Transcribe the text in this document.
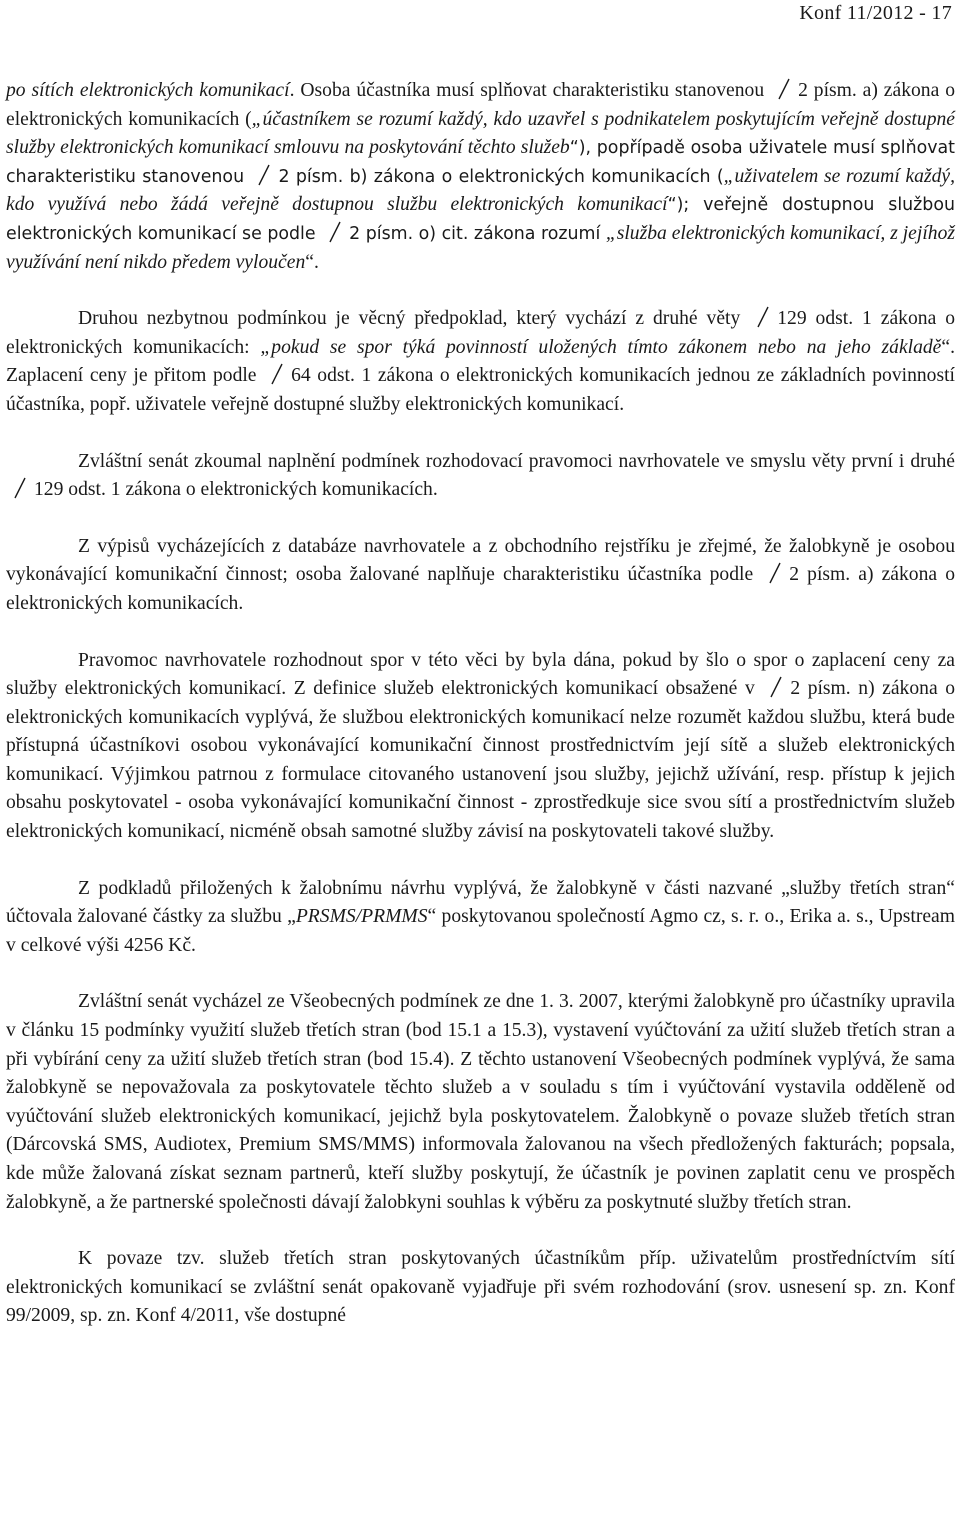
Konf 11/2012 - 17

po sítích elektronických komunikací. Osoba účastníka musí splňovat charakteristiku stanovenou
2 písm. a) zákona o elektronických komunikacích („účastníkem se rozumí každý, kdo uzavřel s podnikatelem poskytujícím veřejně dostupné služby elektronických komunikací smlouvu na poskytování těchto služeb“), popřípadě osoba uživatele musí splňovat charakteristiku stanovenou
2 písm. b) zákona o elektronických komunikacích („uživatelem se rozumí každý, kdo využívá nebo žádá veřejně dostupnou službu elektronických komunikací“); veřejně dostupnou službou elektronických komunikací se podle
2 písm. o) cit. zákona rozumí „služba elektronických komunikací, z jejíhož využívání není nikdo předem vyloučen“.

Druhou nezbytnou podmínkou je věcný předpoklad, který vychází z druhé věty
129 odst. 1 zákona o elektronických komunikacích: „pokud se spor týká povinností uložených tímto zákonem nebo na jeho základě“. Zaplacení ceny je přitom podle
64 odst. 1 zákona o elektronických komunikacích jednou ze základních povinností účastníka, popř. uživatele veřejně dostupné služby elektronických komunikací.

Zvláštní senát zkoumal naplnění podmínek rozhodovací pravomoci navrhovatele ve smyslu věty první i druhé
129 odst. 1 zákona o elektronických komunikacích.

Z výpisů vycházejících z databáze navrhovatele a z obchodního rejstříku je zřejmé, že žalobkyně je osobou vykonávající komunikační činnost; osoba žalované naplňuje charakteristiku účastníka podle
2 písm. a) zákona o elektronických komunikacích.

Pravomoc navrhovatele rozhodnout spor v této věci by byla dána, pokud by šlo o spor o zaplacení ceny za služby elektronických komunikací. Z definice služeb elektronických komunikací obsažené v
2 písm. n) zákona o elektronických komunikacích vyplývá, že službou elektronických komunikací nelze rozumět každou službu, která bude přístupná účastníkovi osobou vykonávající komunikační činnost prostřednictvím její sítě a služeb elektronických komunikací. Výjimkou patrnou z formulace citovaného ustanovení jsou služby, jejichž užívání, resp. přístup k jejich obsahu poskytovatel - osoba vykonávající komunikační činnost - zprostředkuje sice svou sítí a prostřednictvím služeb elektronických komunikací, nicméně obsah samotné služby závisí na poskytovateli takové služby.

Z podkladů přiložených k žalobnímu návrhu vyplývá, že žalobkyně v části nazvané „služby třetích stran“ účtovala žalované částky za službu „PRSMS/PRMMS“ poskytovanou společností Agmo cz, s. r. o., Erika a. s., Upstream v celkové výši 4256 Kč.

Zvláštní senát vycházel ze Všeobecných podmínek ze dne 1. 3. 2007, kterými žalobkyně pro účastníky upravila v článku 15 podmínky využití služeb třetích stran (bod 15.1 a 15.3), vystavení vyúčtování za užití služeb třetích stran a při vybírání ceny za užití služeb třetích stran (bod 15.4). Z těchto ustanovení Všeobecných podmínek vyplývá, že sama žalobkyně se nepovažovala za poskytovatele těchto služeb a v souladu s tím i vyúčtování vystavila odděleně od vyúčtování služeb elektronických komunikací, jejichž byla poskytovatelem. Žalobkyně o povaze služeb třetích stran (Dárcovská SMS, Audiotex, Premium SMS/MMS) informovala žalovanou na všech předložených fakturách; popsala, kde může žalovaná získat seznam partnerů, kteří služby poskytují, že účastník je povinen zaplatit cenu ve prospěch žalobkyně, a že partnerské společnosti dávají žalobkyni souhlas k výběru za poskytnuté služby třetích stran.

K povaze tzv. služeb třetích stran poskytovaných účastníkům příp. uživatelům prostředníctvím sítí elektronických komunikací se zvláštní senát opakovaně vyjadřuje při svém rozhodování (srov. usnesení sp. zn. Konf 99/2009, sp. zn. Konf 4/2011, vše dostupné
